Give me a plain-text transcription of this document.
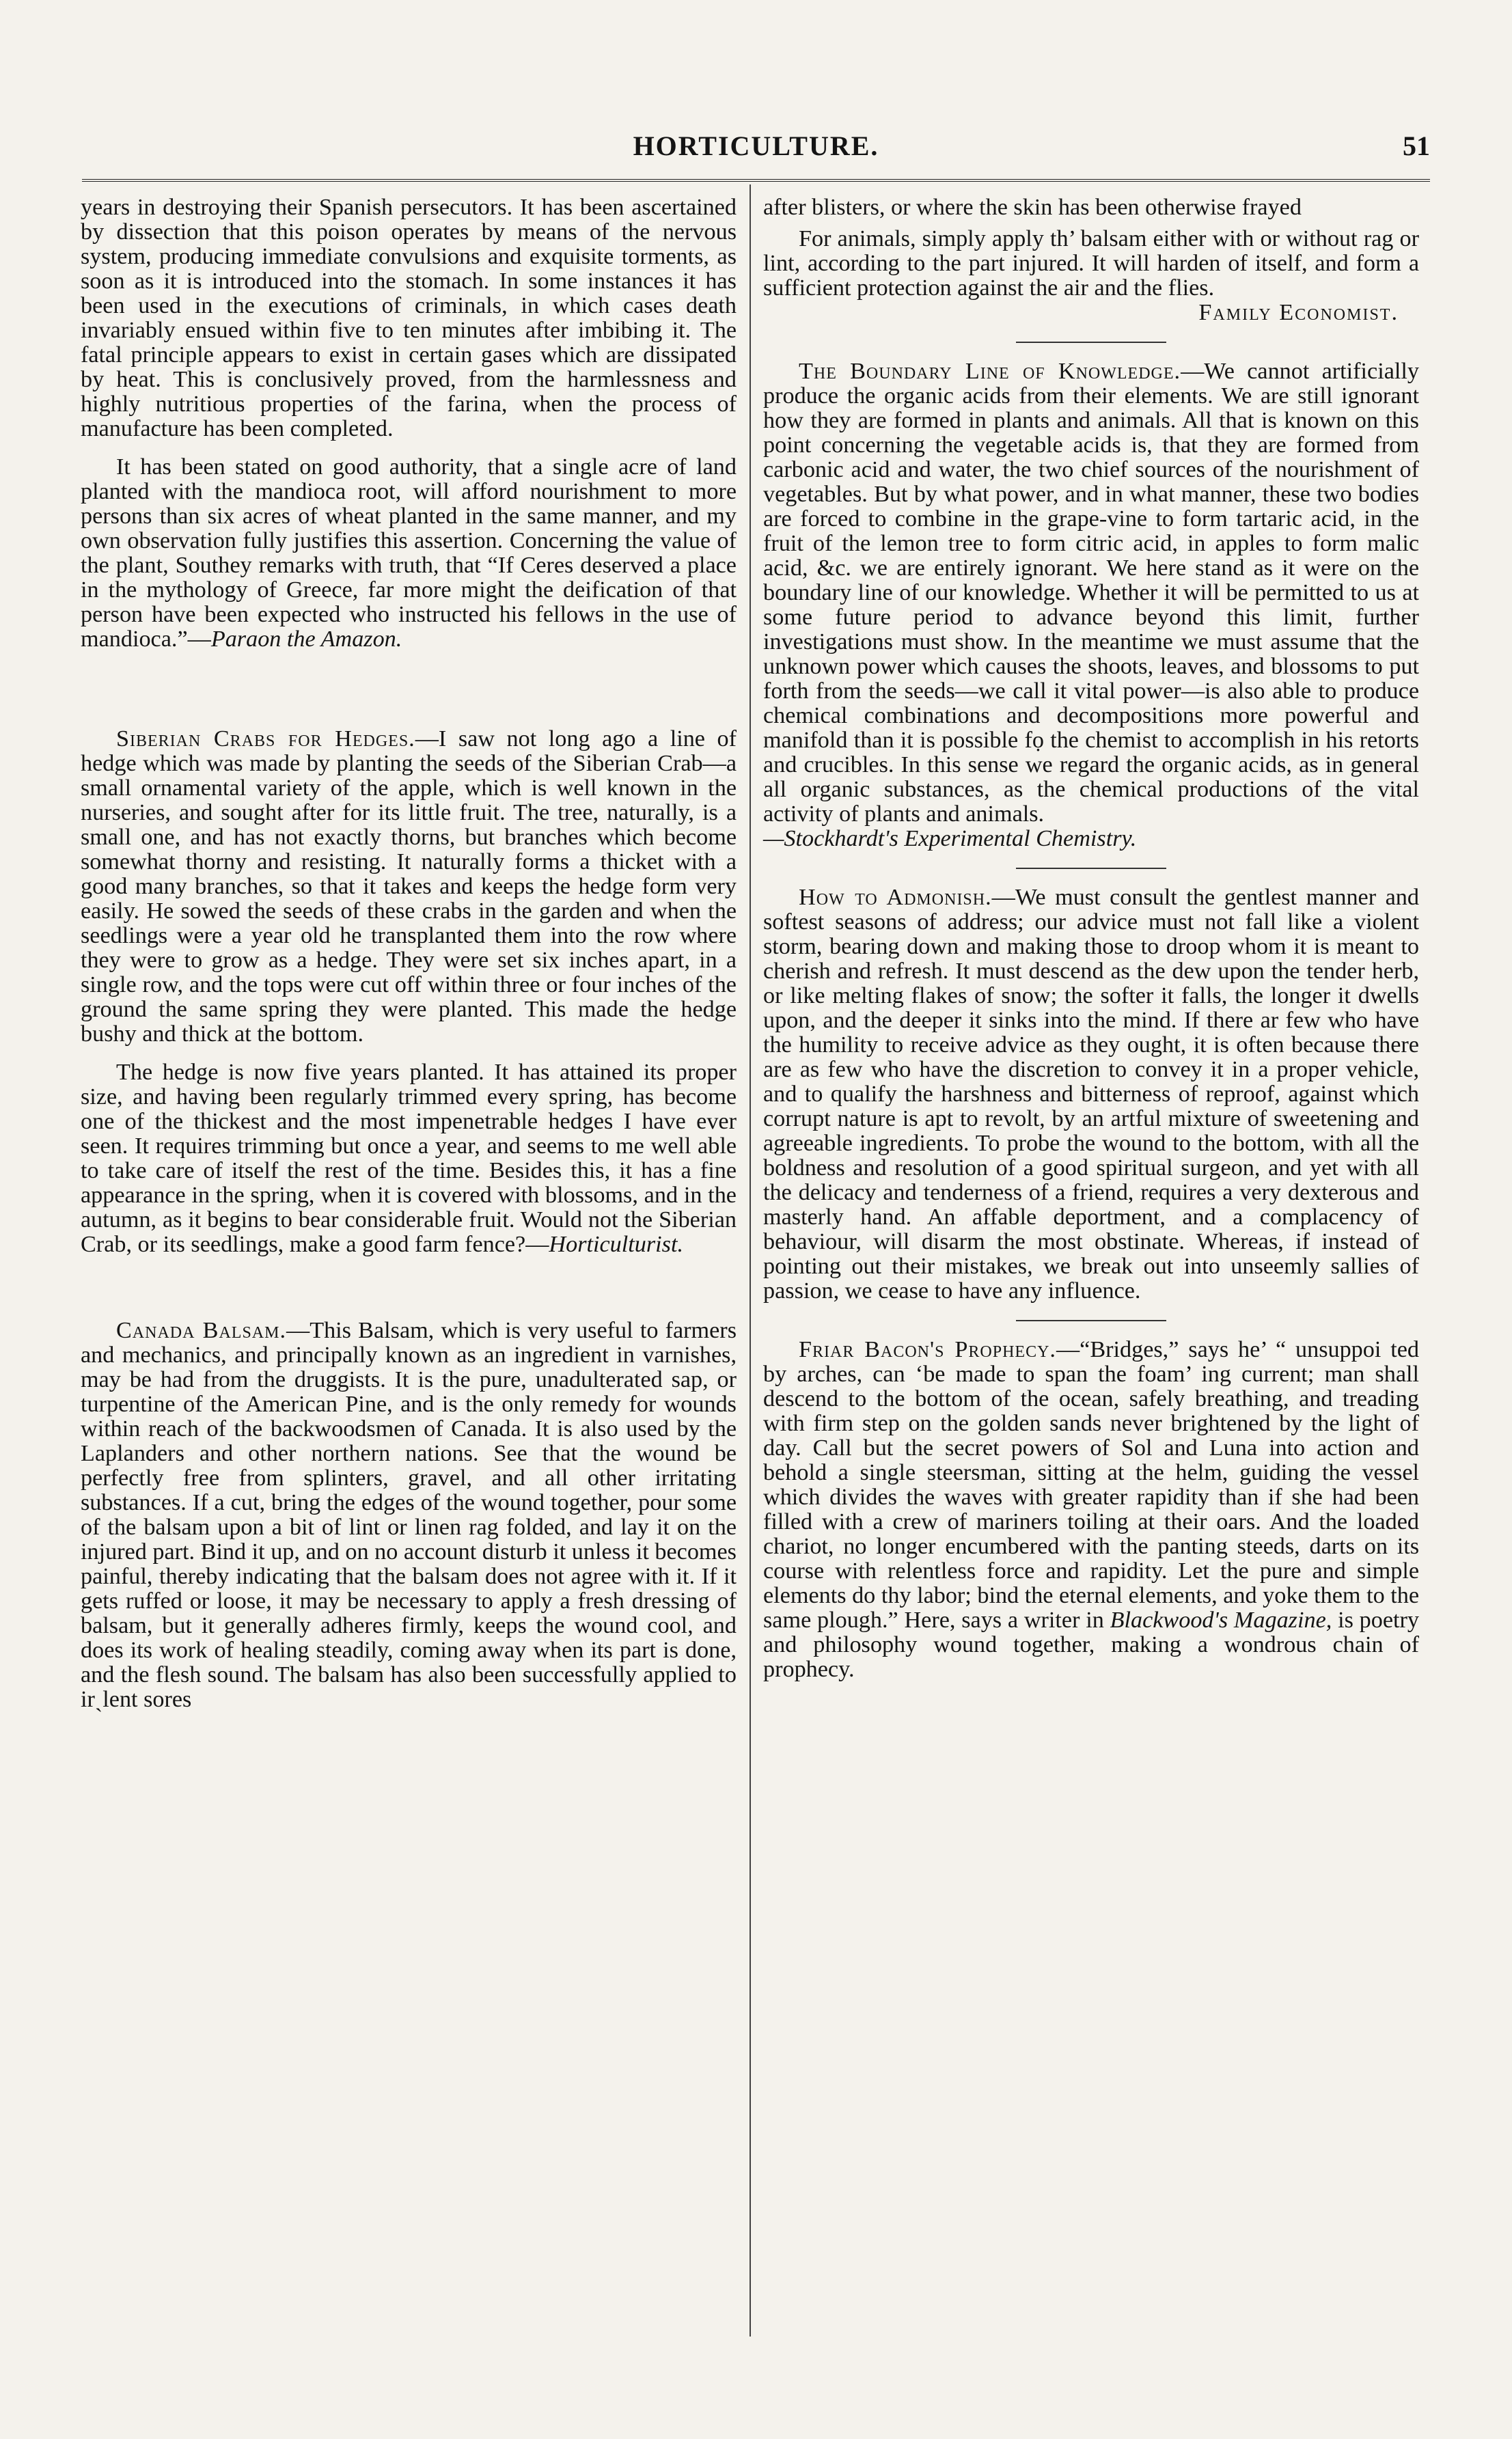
HORTICULTURE.	51

years in destroying their Spanish persecutors. It has been ascertained by dissection that this poison operates by means of the nervous system, producing immediate convulsions and exquisite torments, as soon as it is introduced into the stomach. In some instances it has been used in the executions of criminals, in which cases death invariably ensued within five to ten minutes after imbibing it. The fatal principle appears to exist in certain gases which are dissipated by heat. This is conclusively proved, from the harmlessness and highly nutritious properties of the farina, when the process of manufacture has been completed.

It has been stated on good authority, that a single acre of land planted with the mandioca root, will afford nourishment to more persons than six acres of wheat planted in the same manner, and my own observation fully justifies this assertion. Concerning the value of the plant, Southey remarks with truth, that “If Ceres deserved a place in the mythology of Greece, far more might the deification of that person have been expected who instructed his fellows in the use of mandioca.”—Paraon the Amazon.

Siberian Crabs for Hedges.—I saw not long ago a line of hedge which was made by planting the seeds of the Siberian Crab—a small ornamental variety of the apple, which is well known in the nurseries, and sought after for its little fruit. The tree, naturally, is a small one, and has not exactly thorns, but branches which become somewhat thorny and resisting. It naturally forms a thicket with a good many branches, so that it takes and keeps the hedge form very easily. He sowed the seeds of these crabs in the garden and when the seedlings were a year old he transplanted them into the row where they were to grow as a hedge. They were set six inches apart, in a single row, and the tops were cut off within three or four inches of the ground the same spring they were planted. This made the hedge bushy and thick at the bottom.

The hedge is now five years planted. It has attained its proper size, and having been regularly trimmed every spring, has become one of the thickest and the most impenetrable hedges I have ever seen. It requires trimming but once a year, and seems to me well able to take care of itself the rest of the time. Besides this, it has a fine appearance in the spring, when it is covered with blossoms, and in the autumn, as it begins to bear considerable fruit. Would not the Siberian Crab, or its seedlings, make a good farm fence?—Horticulturist.

Canada Balsam.—This Balsam, which is very useful to farmers and mechanics, and principally known as an ingredient in varnishes, may be had from the druggists. It is the pure, unadulterated sap, or turpentine of the American Pine, and is the only remedy for wounds within reach of the backwoodsmen of Canada. It is also used by the Laplanders and other northern nations. See that the wound be perfectly free from splinters, gravel, and all other irritating substances. If a cut, bring the edges of the wound together, pour some of the balsam upon a bit of lint or linen rag folded, and lay it on the injured part. Bind it up, and on no account disturb it unless it becomes painful, thereby indicating that the balsam does not agree with it. If it gets ruffed or loose, it may be necessary to apply a fresh dressing of balsam, but it generally adheres firmly, keeps the wound cool, and does its work of healing steadily, coming away when its part is done, and the flesh sound. The balsam has also been successfully applied to irˏlent sores

after blisters, or where the skin has been otherwise frayed

For animals, simply apply th’ balsam either with or without rag or lint, according to the part injured. It will harden of itself, and form a sufficient protection against the air and the flies.

Family Economist.

The Boundary Line of Knowledge.—We cannot artificially produce the organic acids from their elements. We are still ignorant how they are formed in plants and animals. All that is known on this point concerning the vegetable acids is, that they are formed from carbonic acid and water, the two chief sources of the nourishment of vegetables. But by what power, and in what manner, these two bodies are forced to combine in the grape-vine to form tartaric acid, in the fruit of the lemon tree to form citric acid, in apples to form malic acid, &c. we are entirely ignorant. We here stand as it were on the boundary line of our knowledge. Whether it will be permitted to us at some future period to advance beyond this limit, further investigations must show. In the meantime we must assume that the unknown power which causes the shoots, leaves, and blossoms to put forth from the seeds—we call it vital power—is also able to produce chemical combinations and decompositions more powerful and manifold than it is possible fọ the chemist to accomplish in his retorts and crucibles. In this sense we regard the organic acids, as in general all organic substances, as the chemical productions of the vital activity of plants and animals.

—Stockhardt's Experimental Chemistry.

How to Admonish.—We must consult the gentlest manner and softest seasons of address; our advice must not fall like a violent storm, bearing down and making those to droop whom it is meant to cherish and refresh. It must descend as the dew upon the tender herb, or like melting flakes of snow; the softer it falls, the longer it dwells upon, and the deeper it sinks into the mind. If there ar few who have the humility to receive advice as they ought, it is often because there are as few who have the discretion to convey it in a proper vehicle, and to qualify the harshness and bitterness of reproof, against which corrupt nature is apt to revolt, by an artful mixture of sweetening and agreeable ingredients. To probe the wound to the bottom, with all the boldness and resolution of a good spiritual surgeon, and yet with all the delicacy and tenderness of a friend, requires a very dexterous and masterly hand. An affable deportment, and a complacency of behaviour, will disarm the most obstinate. Whereas, if instead of pointing out their mistakes, we break out into unseemly sallies of passion, we cease to have any influence.

Friar Bacon's Prophecy.—“Bridges,” says he’ “ unsuppoi ted by arches, can ʻbe made to span the foam’ ing current; man shall descend to the bottom of the ocean, safely breathing, and treading with firm step on the golden sands never brightened by the light of day. Call but the secret powers of Sol and Luna into action and behold a single steersman, sitting at the helm, guiding the vessel which divides the waves with greater rapidity than if she had been filled with a crew of mariners toiling at their oars. And the loaded chariot, no longer encumbered with the panting steeds, darts on its course with relentless force and rapidity. Let the pure and simple elements do thy labor; bind the eternal elements, and yoke them to the same plough.” Here, says a writer in Blackwood's Magazine, is poetry and philosophy wound together, making a wondrous chain of prophecy.
